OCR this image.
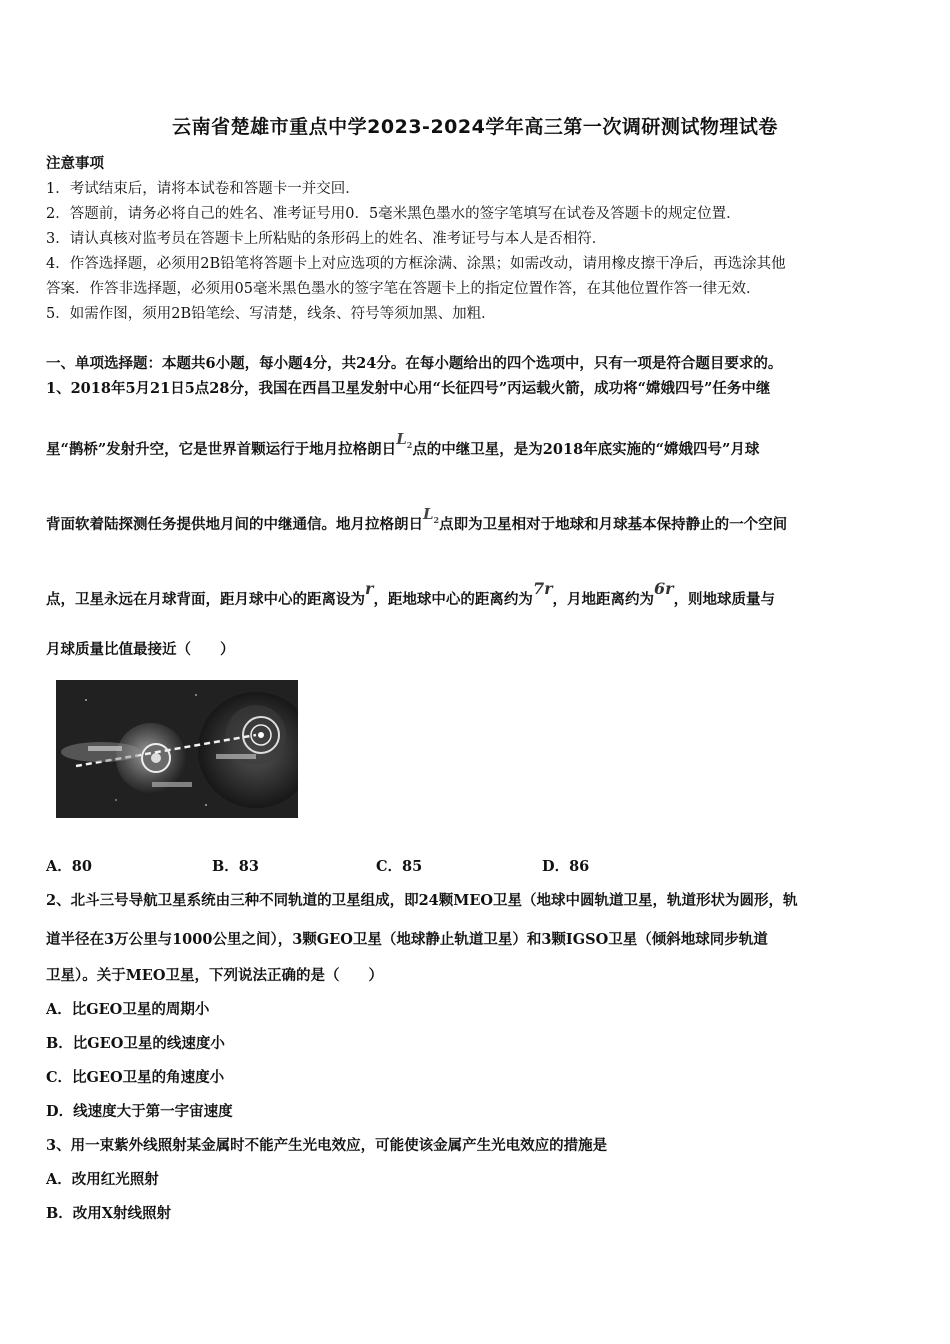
云南省楚雄市重点中学2023-2024学年高三第一次调研测试物理试卷
注意事项
1．考试结束后，请将本试卷和答题卡一并交回．
2．答题前，请务必将自己的姓名、准考证号用0．5毫米黑色墨水的签字笔填写在试卷及答题卡的规定位置．
3．请认真核对监考员在答题卡上所粘贴的条形码上的姓名、准考证号与本人是否相符．
4．作答选择题，必须用2B铅笔将答题卡上对应选项的方框涂满、涂黑；如需改动，请用橡皮擦干净后，再选涂其他
答案．作答非选择题，必须用05毫米黑色墨水的签字笔在答题卡上的指定位置作答，在其他位置作答一律无效．
5．如需作图，须用2B铅笔绘、写清楚，线条、符号等须加黑、加粗．
一、单项选择题：本题共6小题，每小题4分，共24分。在每小题给出的四个选项中，只有一项是符合题目要求的。
1、2018年5月21日5点28分，我国在西昌卫星发射中心用“长征四号”丙运载火箭，成功将“嫦娥四号”任务中继
星“鹊桥”发射升空，它是世界首颗运行于地月拉格朗日$L_2$点的中继卫星，是为2018年底实施的“嫦娥四号”月球
背面软着陆探测任务提供地月间的中继通信。地月拉格朗日$L_2$点即为卫星相对于地球和月球基本保持静止的一个空间
点，卫星永远在月球背面，距月球中心的距离设为r，距地球中心的距离约为7r，月地距离约为6r，则地球质量与
月球质量比值最接近（　　）
A．80	B．83	C．85	D．86
2、北斗三号导航卫星系统由三种不同轨道的卫星组成，即24颗MEO卫星（地球中圆轨道卫星，轨道形状为圆形，轨
道半径在3万公里与1000公里之间），3颗GEO卫星（地球静止轨道卫星）和3颗IGSO卫星（倾斜地球同步轨道
卫星）。关于MEO卫星，下列说法正确的是（　　）
A．比GEO卫星的周期小
B．比GEO卫星的线速度小
C．比GEO卫星的角速度小
D．线速度大于第一宇宙速度
3、用一束紫外线照射某金属时不能产生光电效应，可能使该金属产生光电效应的措施是
A．改用红光照射
B．改用X射线照射
